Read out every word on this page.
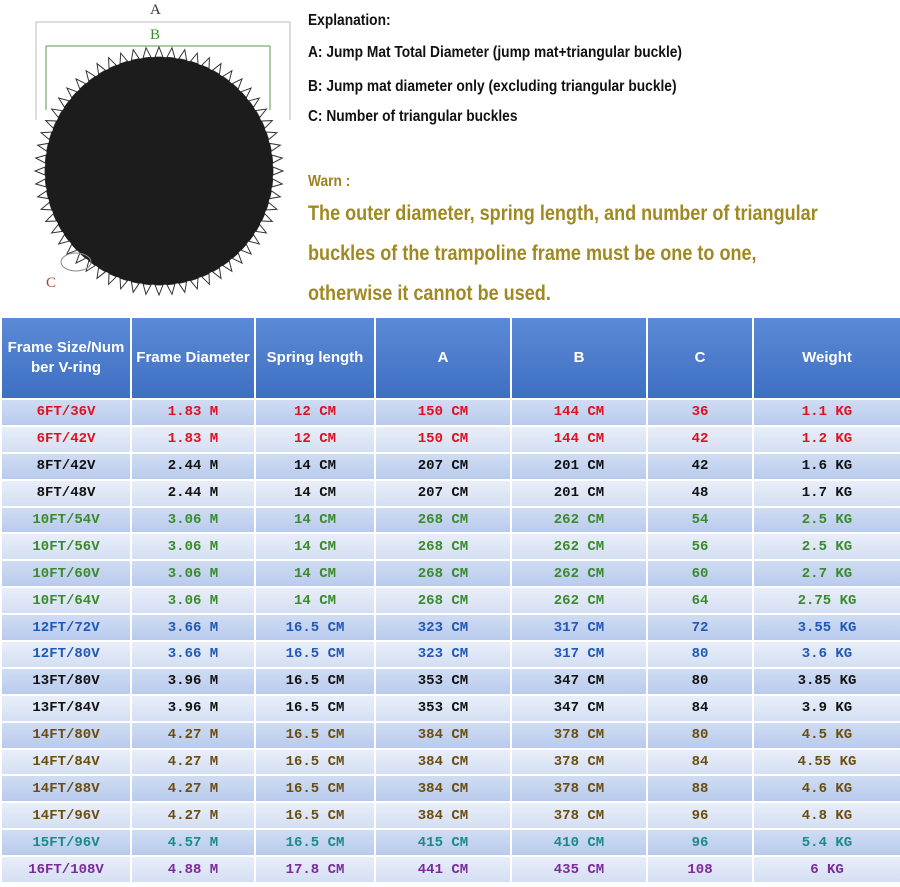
A
B
C
Explanation:
A: Jump Mat Total Diameter (jump mat+triangular buckle)
B: Jump mat diameter only (excluding triangular buckle)
C: Number of triangular buckles
Warn :
The outer diameter, spring length, and number of triangular
buckles of the trampoline frame must be one to one,
otherwise it cannot be used.
Frame Size/Num ber V-ring	Frame Diameter	Spring length	A	B	C	Weight
6FT/36V	1.83 M	12 CM	150 CM	144 CM	36	1.1 KG
6FT/42V	1.83 M	12 CM	150 CM	144 CM	42	1.2 KG
8FT/42V	2.44 M	14 CM	207 CM	201 CM	42	1.6 KG
8FT/48V	2.44 M	14 CM	207 CM	201 CM	48	1.7 KG
10FT/54V	3.06 M	14 CM	268 CM	262 CM	54	2.5 KG
10FT/56V	3.06 M	14 CM	268 CM	262 CM	56	2.5 KG
10FT/60V	3.06 M	14 CM	268 CM	262 CM	60	2.7 KG
10FT/64V	3.06 M	14 CM	268 CM	262 CM	64	2.75 KG
12FT/72V	3.66 M	16.5 CM	323 CM	317 CM	72	3.55 KG
12FT/80V	3.66 M	16.5 CM	323 CM	317 CM	80	3.6 KG
13FT/80V	3.96 M	16.5 CM	353 CM	347 CM	80	3.85 KG
13FT/84V	3.96 M	16.5 CM	353 CM	347 CM	84	3.9 KG
14FT/80V	4.27 M	16.5 CM	384 CM	378 CM	80	4.5 KG
14FT/84V	4.27 M	16.5 CM	384 CM	378 CM	84	4.55 KG
14FT/88V	4.27 M	16.5 CM	384 CM	378 CM	88	4.6 KG
14FT/96V	4.27 M	16.5 CM	384 CM	378 CM	96	4.8 KG
15FT/96V	4.57 M	16.5 CM	415 CM	410 CM	96	5.4 KG
16FT/108V	4.88 M	17.8 CM	441 CM	435 CM	108	6 KG
